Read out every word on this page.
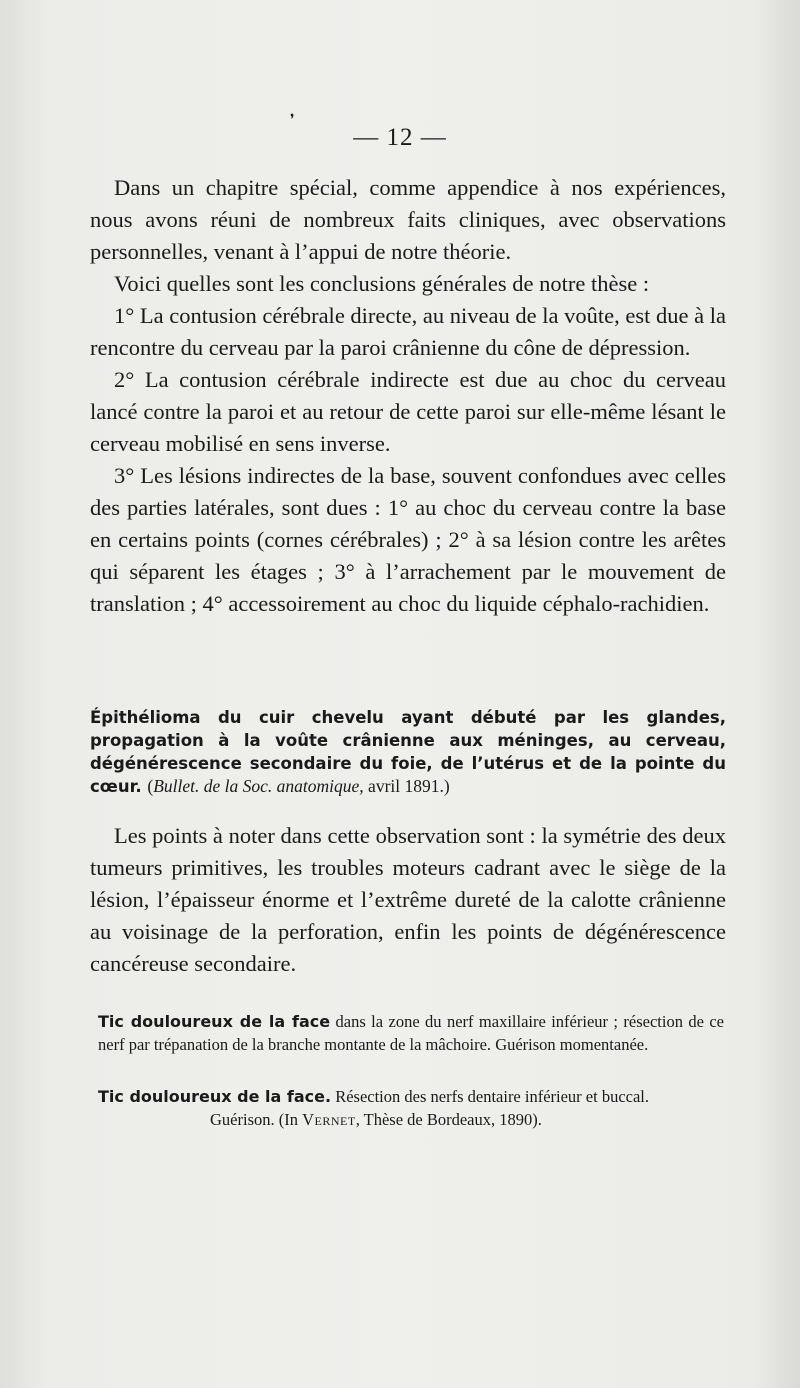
❜
— 12 —

Dans un chapitre spécial, comme appendice à nos expériences, nous avons réuni de nombreux faits cliniques, avec observations personnelles, venant à l’appui de notre théorie.

Voici quelles sont les conclusions générales de notre thèse :

1° La contusion cérébrale directe, au niveau de la voûte, est due à la rencontre du cerveau par la paroi crânienne du cône de dépression.

2° La contusion cérébrale indirecte est due au choc du cerveau lancé contre la paroi et au retour de cette paroi sur elle-même lésant le cerveau mobilisé en sens inverse.

3° Les lésions indirectes de la base, souvent confondues avec celles des parties latérales, sont dues : 1° au choc du cerveau contre la base en certains points (cornes cérébrales) ; 2° à sa lésion contre les arêtes qui séparent les étages ; 3° à l’arrachement par le mouvement de translation ; 4° accessoirement au choc du liquide céphalo-rachidien.

Épithélioma du cuir chevelu ayant débuté par les glandes, propagation à la voûte crânienne aux méninges, au cerveau, dégénérescence secondaire du foie, de l’utérus et de la pointe du cœur. (Bullet. de la Soc. anatomique, avril 1891.)

Les points à noter dans cette observation sont : la symétrie des deux tumeurs primitives, les troubles moteurs cadrant avec le siège de la lésion, l’épaisseur énorme et l’extrême dureté de la calotte crânienne au voisinage de la perforation, enfin les points de dégénérescence cancéreuse secondaire.

Tic douloureux de la face dans la zone du nerf maxillaire inférieur ; résection de ce nerf par trépanation de la branche montante de la mâchoire. Guérison momentanée.
Tic douloureux de la face. Résection des nerfs dentaire inférieur et buccal.
Guérison. (In Vernet, Thèse de Bordeaux, 1890).
